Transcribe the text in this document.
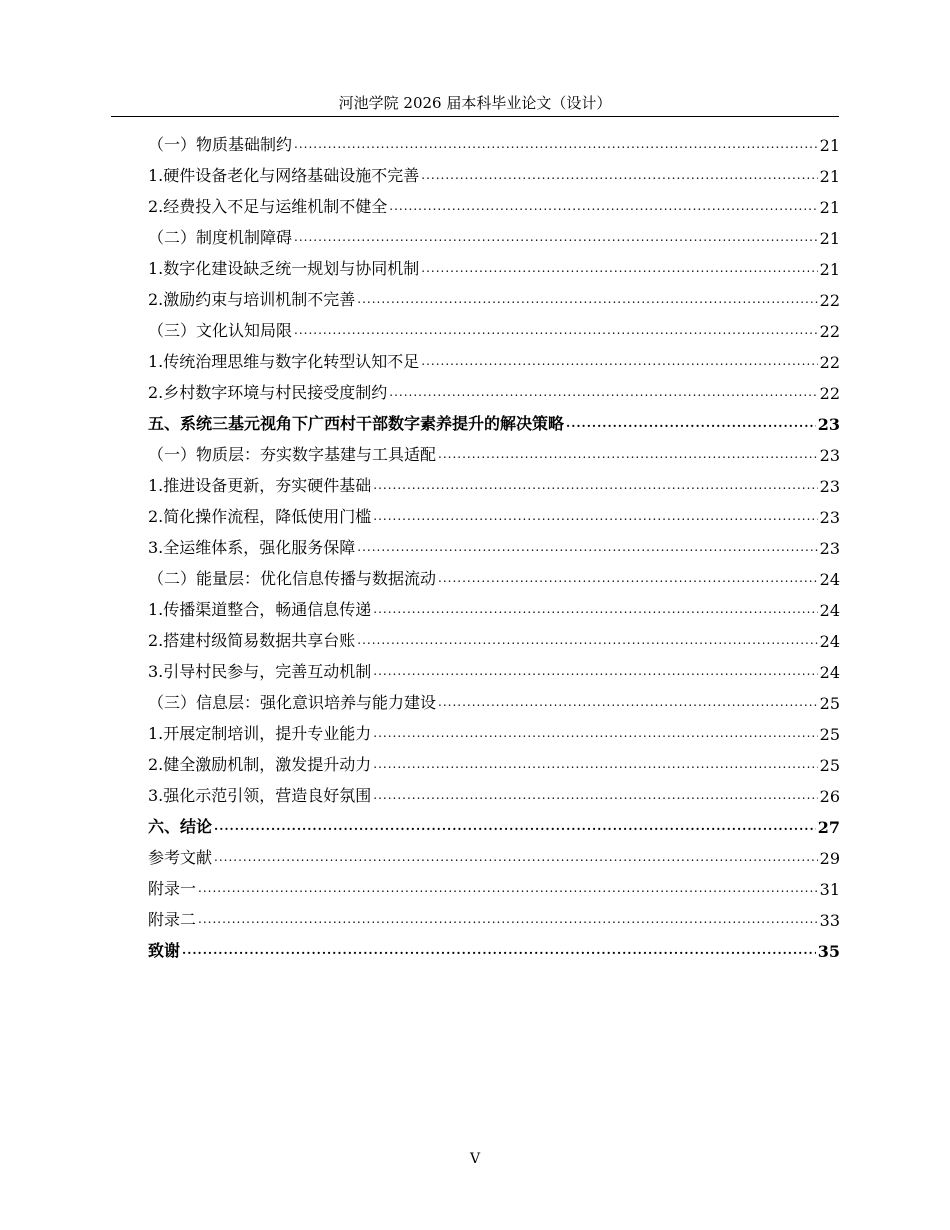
河池学院 2026 届本科毕业论文（设计）
（一）物质基础制约 .....	21
1.硬件设备老化与网络基础设施不完善 .....	21
2.经费投入不足与运维机制不健全 .....	21
（二）制度机制障碍 .....	21
1.数字化建设缺乏统一规划与协同机制 .....	21
2.激励约束与培训机制不完善 .....	22
（三）文化认知局限 .....	22
1.传统治理思维与数字化转型认知不足 .....	22
2.乡村数字环境与村民接受度制约 .....	22
五、系统三基元视角下广西村干部数字素养提升的解决策略 .....	23
（一）物质层：夯实数字基建与工具适配 .....	23
1.推进设备更新，夯实硬件基础 .....	23
2.简化操作流程，降低使用门槛 .....	23
3.全运维体系，强化服务保障 .....	23
（二）能量层：优化信息传播与数据流动 .....	24
1.传播渠道整合，畅通信息传递 .....	24
2.搭建村级简易数据共享台账 .....	24
3.引导村民参与，完善互动机制 .....	24
（三）信息层：强化意识培养与能力建设 .....	25
1.开展定制培训，提升专业能力 .....	25
2.健全激励机制，激发提升动力 .....	25
3.强化示范引领，营造良好氛围 .....	26
六、结论 .....	27
参考文献 .....	29
附录一 .....	31
附录二 .....	33
致谢 .....	35
V
